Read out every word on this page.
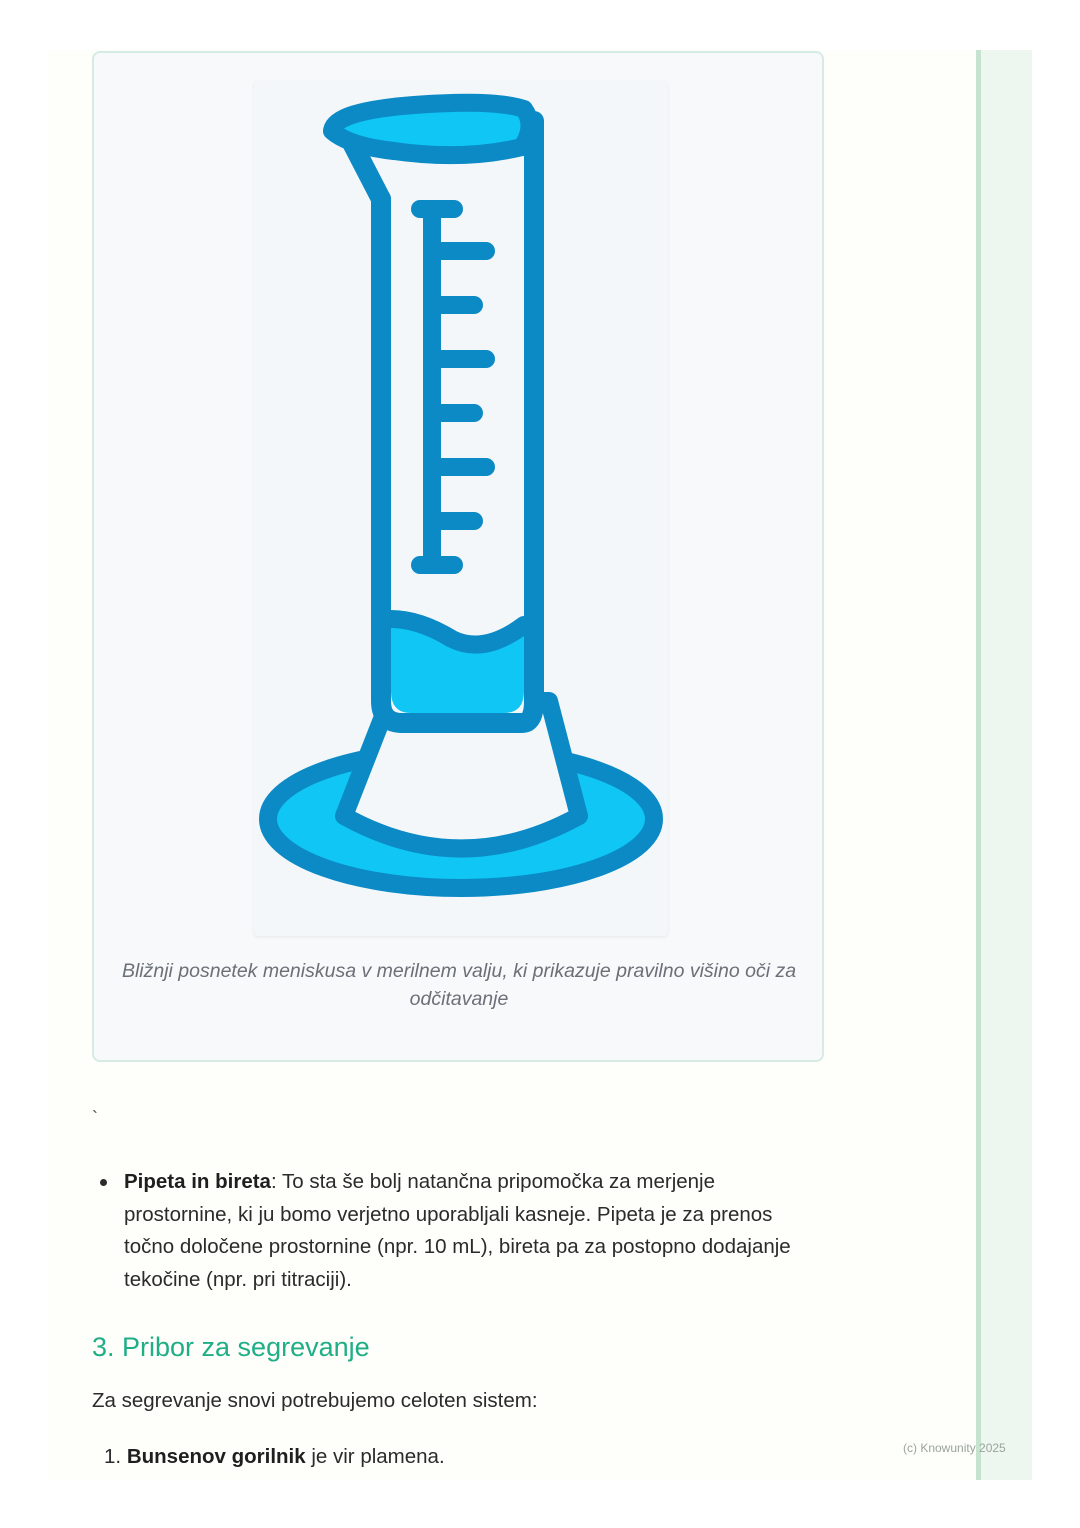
Bližnji posnetek meniskusa v merilnem valju, ki prikazuje pravilno višino oči za odčitavanje
`
Pipeta in bireta: To sta še bolj natančna pripomočka za merjenje prostornine, ki ju bomo verjetno uporabljali kasneje. Pipeta je za prenos točno določene prostornine (npr. 10 mL), bireta pa za postopno dodajanje tekočine (npr. pri titraciji).
3. Pribor za segrevanje

Za segrevanje snovi potrebujemo celoten sistem:

1. Bunsenov gorilnik je vir plamena.	(c) Knowunity 2025
